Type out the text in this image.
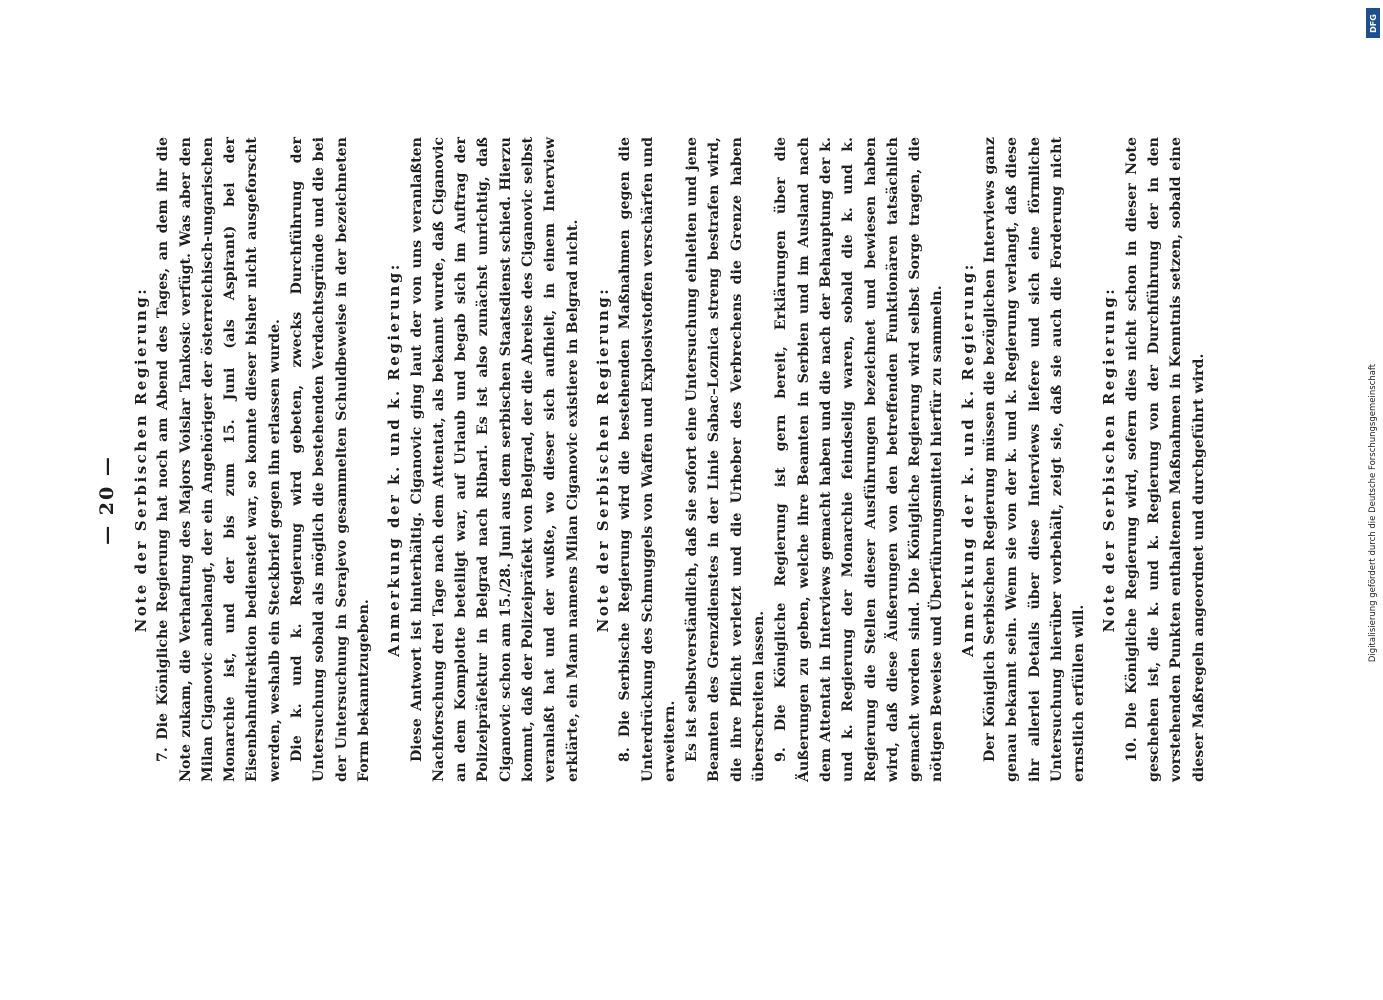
— 20 — Note der Serbischen Regierung: 7. Die Königliche Regierung hat noch am Abend des Tages, an dem ihr die Note zukam, die Verhaftung des Majors Voislar Tankosic verfügt. Was aber den Milan Ciganovic anbelangt, der ein Angehöriger der österreichisch-ungarischen Monarchie ist, und der bis zum 15. Juni (als Aspirant) bei der Eisenbahndirektion bedienstet war, so konnte dieser bisher nicht ausgeforscht werden, weshalb ein Steckbrief gegen ihn erlassen wurde. Die k. und k. Regierung wird gebeten, zwecks Durchführung der Untersuchung sobald als möglich die bestehenden Verdachtsgründe und die bei der Untersuchung in Serajevo gesammelten Schuldbeweise in der bezeichneten Form bekanntzugeben.

Anmerkung der k. und k. Regierung: Diese Antwort ist hinterhältig. Ciganovic ging laut der von uns veranlaßten Nachforschung drei Tage nach dem Attentat, als bekannt wurde, daß Ciganovic an dem Komplotte beteiligt war, auf Urlaub und begab sich im Auftrag der Polizeipräfektur in Belgrad nach Ribari. Es ist also zunächst unrichtig, daß Ciganovic schon am 15./28. Juni aus dem serbischen Staatsdienst schied. Hierzu kommt, daß der Polizeipräfekt von Belgrad, der die Abreise des Ciganovic selbst veranlaßt hat und der wußte, wo dieser sich aufhielt, in einem Interview erklärte, ein Mann namens Milan Ciganovic existiere in Belgrad nicht. Note der Serbischen Regierung: 8. Die Serbische Regierung wird die bestehenden Maßnahmen gegen die Unterdrückung des Schmuggels von Waffen und Explosivstoffen verschärfen und erweitern. Es ist selbstverständlich, daß sie sofort eine Untersuchung einleiten und jene Beamten des Grenzdienstes in der Linie Sabac–Loznica streng bestrafen wird, die ihre Pflicht verletzt und die Urheber des Verbrechens die Grenze haben überschreiten lassen. 9. Die Königliche Regierung ist gern bereit, Erklärungen über die Äußerungen zu geben, welche ihre Beamten in Serbien und im Ausland nach dem Attentat in Interviews gemacht haben und die nach der Behauptung der k. und k. Regierung der Monarchie feindselig waren, sobald die k. und k. Regierung die Stellen dieser Ausführungen bezeichnet und bewiesen haben wird, daß diese Äußerungen von den betreffenden Funktionären tatsächlich gemacht worden sind. Die Königliche Regierung wird selbst Sorge tragen, die nötigen Beweise und Überführungsmittel hierfür zu sammeln. Anmerkung der k. und k. Regierung: Der Königlich Serbischen Regierung müssen die bezüglichen Interviews ganz genau bekannt sein. Wenn sie von der k. und k. Regierung verlangt, daß diese ihr allerlei Details über diese Interviews liefere und sich eine förmliche Untersuchung hierüber vorbehält, zeigt sie, daß sie auch die Forderung nicht ernstlich erfüllen will.

Note der Serbischen Regierung: 10. Die Königliche Regierung wird, sofern dies nicht schon in dieser Note geschehen ist, die k. und k. Regierung von der Durchführung der in den vorstehenden Punkten enthaltenen Maßnahmen in Kenntnis setzen, sobald eine dieser Maßregeln angeordnet und durchgeführt wird.	Digitalisierung gefördert durch die Deutsche Forschungsgemeinschaft
DFG
